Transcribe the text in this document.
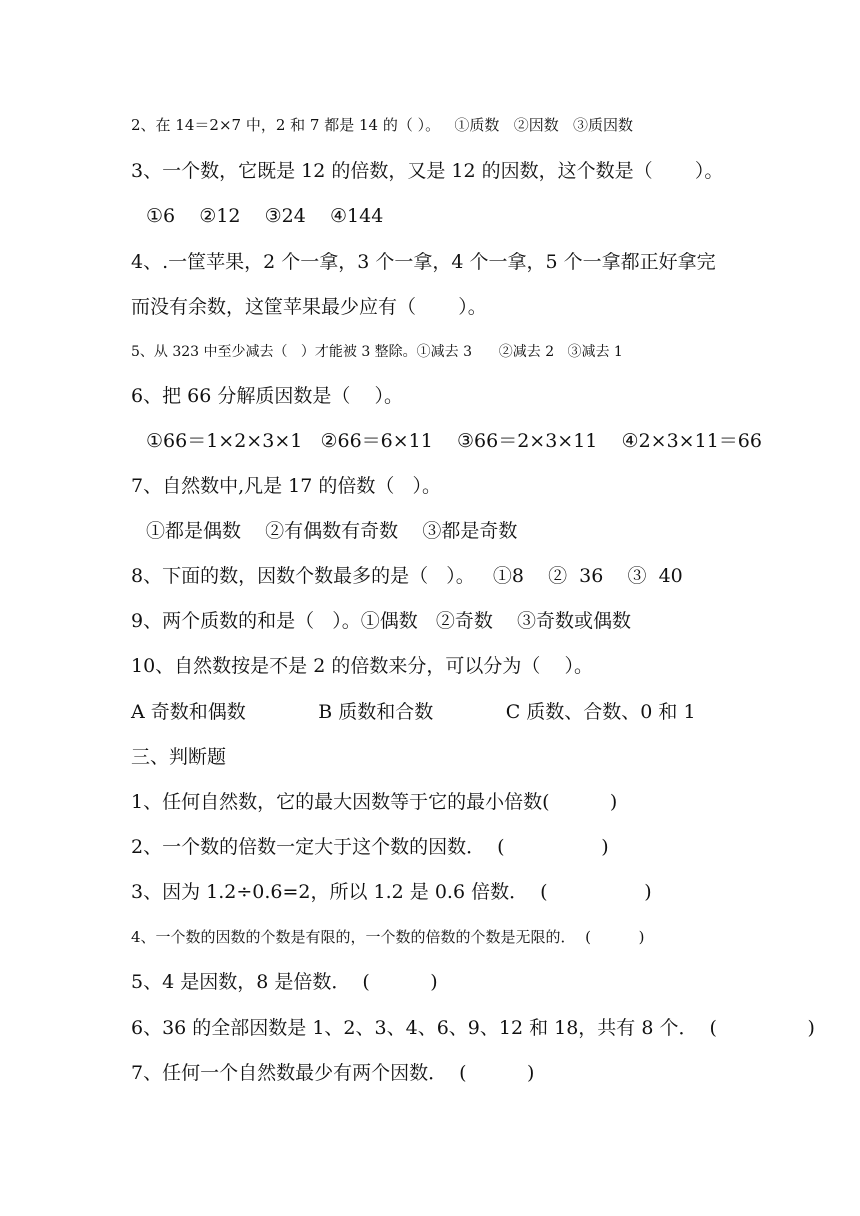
2、在 14＝2×7 中，2 和 7 都是 14 的（ ）。   ①质数   ②因数   ③质因数
3、一个数，它既是 12 的倍数，又是 12 的因数，这个数是（       ）。
①6    ②12    ③24    ④144
4、.一筐苹果，2 个一拿，3 个一拿，4 个一拿，5 个一拿都正好拿完
而没有余数，这筐苹果最少应有（       ）。
5、从 323 中至少减去（   ）才能被 3 整除。①减去 3      ②减去 2   ③减去 1
6、把 66 分解质因数是（    ）。
①66＝1×2×3×1   ②66＝6×11    ③66＝2×3×11    ④2×3×11＝66
7、自然数中,凡是 17 的倍数（   ）。
①都是偶数    ②有偶数有奇数    ③都是奇数
8、下面的数，因数个数最多的是（   ）。   ①8    ②  36    ③  40
9、两个质数的和是（   ）。①偶数   ②奇数    ③奇数或偶数
10、自然数按是不是 2 的倍数来分，可以分为（    ）。
A 奇数和偶数            B 质数和合数            C 质数、合数、0 和 1
三、判断题
1、任何自然数，它的最大因数等于它的最小倍数(          )
2、一个数的倍数一定大于这个数的因数．  (                )
3、因为 1.2÷0.6=2，所以 1.2 是 0.6 倍数．  (                )
4、一个数的因数的个数是有限的，一个数的倍数的个数是无限的．  (          )
5、4 是因数，8 是倍数．  (          )
6、36 的全部因数是 1、2、3、4、6、9、12 和 18，共有 8 个．  (               )
7、任何一个自然数最少有两个因数．  (          )
